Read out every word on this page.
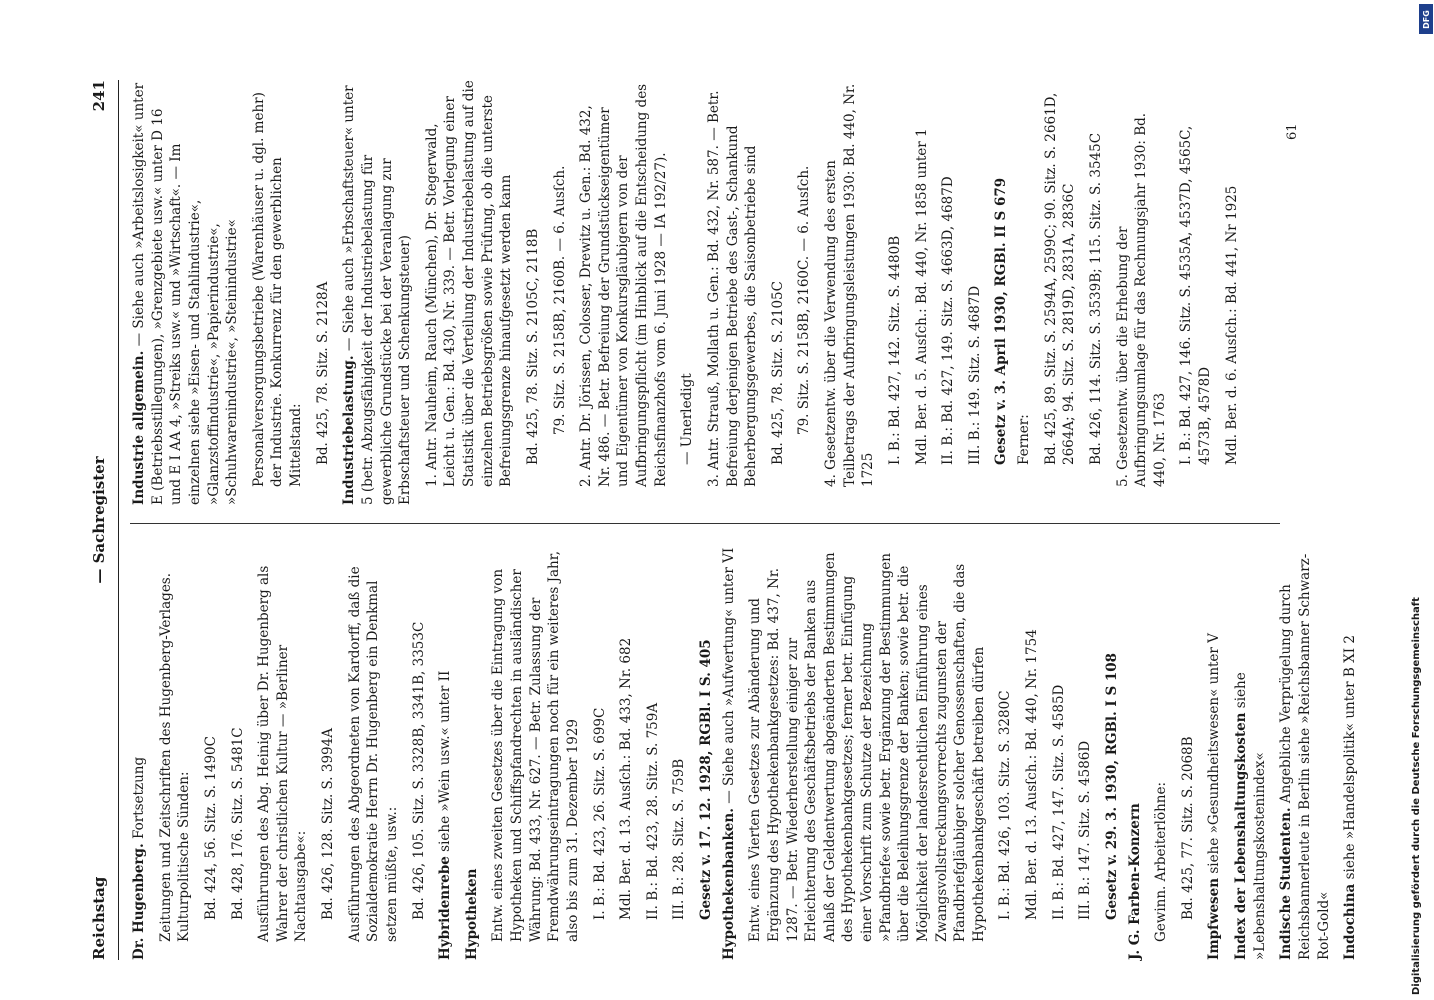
Reichstag
— Sachregister
241
Dr. Hugenberg. Fortsetzung Zeitungen und Zeitschriften des Hugenberg-Verlages. Kulturpolitische Sünden: Bd. 424, 56. Sitz. S. 1490C Bd. 428, 176. Sitz. S. 5481C Ausführungen des Abg. Heinig über Dr. Hugenberg als Wahrer der christlichen Kultur — »Berliner Nachtausgabe«: Bd. 426, 128. Sitz. S. 3994A Ausführungen des Abgeordneten von Kardorff, daß die Sozialdemokratie Herrn Dr. Hugenberg ein Denkmal setzen müßte, usw.: Bd. 426, 105. Sitz. S. 3328B, 3341B, 3353C Hybridenrebe siehe »Wein usw.« unter II
Hypotheken Entw. eines zweiten Gesetzes über die Eintragung von Hypotheken und Schiffspfandrechten in ausländischer Währung: Bd. 433, Nr. 627. — Betr. Zulassung der Fremdwährungseintragungen noch für ein weiteres Jahr, also bis zum 31. Dezember 1929 I. B.: Bd. 423, 26. Sitz. S. 699C Mdl. Ber. d. 13. Ausſch.: Bd. 433, Nr. 682 II. B.: Bd. 423, 28. Sitz. S. 759A III. B.: 28. Sitz. S. 759B Gesetz v. 17. 12. 1928, RGBl. I S. 405 Hypothekenbanken. — Siehe auch »Aufwertung« unter VI Entw. eines Vierten Gesetzes zur Abänderung und Ergänzung des Hypothekenbankgesetzes: Bd. 437, Nr. 1287. — Betr. Wiederherstellung einiger zur Erleichterung des Geschäftsbetriebs der Banken aus Anlaß der Geldentwertung abgeänderten Bestimmungen des Hypothekenbankgesetzes; ferner betr. Einfügung einer Vorschrift zum Schutze der Bezeichnung »Pfandbriefe« sowie betr. Ergänzung der Bestimmungen über die Beleihungsgrenze der Banken; sowie betr. die Möglichkeit der landesrechtlichen Einführung eines Zwangsvollstreckungsvorrechts zugunsten der Pfandbriefgläubiger solcher Genossenschaften, die das Hypothekenbankgeschäft betreiben dürfen I. B.: Bd. 426, 103. Sitz. S. 3280C Mdl. Ber. d. 13. Ausſch.: Bd. 440, Nr. 1754 II. B.: Bd. 427, 147. Sitz. S. 4585D III. B.: 147. Sitz. S. 4586D Gesetz v. 29. 3. 1930, RGBl. I S 108 J. G. Farben-Konzern Gewinn. Arbeiterlöhne: Bd. 425, 77. Sitz. S. 2068B Impfwesen siehe »Gesundheitswesen« unter V Index der Lebenshaltungskosten siehe »Lebenshaltungskostenindex« Indische Studenten. Angebliche Verprügelung durch Reichsbannerleute in Berlin siehe »Reichsbanner Schwarz-Rot-Gold« Indochina siehe »Handelspolitik« unter B XI 2
Industrie allgemein. — Siehe auch »Arbeitslosigkeit« unter E (Betriebsstillegungen), »Grenzgebiete usw.« unter D 16 und E I AA 4, »Streiks usw.« und »Wirtschaft«. — Im einzelnen siehe »Eisen- und Stahlindustrie«, »Glanzstoffindustrie«, »Papierindustrie«, »Schuhwarenindustrie«, »Steinindustrie« Personalversorgungsbetriebe (Warenhäuser u. dgl. mehr) der Industrie. Konkurrenz für den gewerblichen Mittelstand: Bd. 425, 78. Sitz. S. 2128A Industriebelastung. — Siehe auch »Erbschaftsteuer« unter 5 (betr. Abzugsfähigkeit der Industriebelastung für gewerbliche Grundstücke bei der Veranlagung zur Erbschaftsteuer und Schenkungsteuer) 1. Antr. Nauheim, Rauch (München), Dr. Stegerwald, Leicht u. Gen.: Bd. 430, Nr. 339. — Betr. Vorlegung einer Statistik über die Verteilung der Industriebelastung auf die einzelnen Betriebsgrößen sowie Prüfung, ob die unterste Befreiungsgrenze hinaufgesetzt werden kann Bd. 425, 78. Sitz. S. 2105C, 2118B 79. Sitz. S. 2158B, 2160B. — 6. Ausſch. 2. Antr. Dr. Jörissen, Colosser, Drewitz u. Gen.: Bd. 432, Nr. 486. — Betr. Befreiung der Grundstückseigentümer und Eigentümer von Konkursgläubigern von der Aufbringungspflicht (im Hinblick auf die Entscheidung des Reichsfinanzhofs vom 6. Juni 1928 — IA 192/27). — Unerledigt 3. Antr. Strauß, Mollath u. Gen.: Bd. 432, Nr. 587. — Betr. Befreiung derjenigen Betriebe des Gast-, Schankund Beherbergungsgewerbes, die Saisonbetriebe sind Bd. 425, 78. Sitz. S. 2105C 79. Sitz. S. 2158B, 2160C. — 6. Ausſch. 4. Gesetzentw. über die Verwendung des ersten Teilbetrags der Aufbringungsleistungen 1930: Bd. 440, Nr. 1725
I. B.: Bd. 427, 142. Sitz. S. 4480B Mdl. Ber. d. 5. Ausſch.: Bd. 440, Nr. 1858 unter 1 II. B.: Bd. 427, 149. Sitz. S. 4663D, 4687D III. B.: 149. Sitz. S. 4687D Gesetz v. 3. April 1930, RGBl. II S 679 Ferner: Bd. 425, 89. Sitz. S. 2594A, 2599C; 90. Sitz. S. 2661D, 2664A; 94. Sitz. S. 2819D, 2831A, 2836C Bd. 426, 114. Sitz. S. 3539B; 115. Sitz. S. 3545C 5. Gesetzentw. über die Erhebung der Aufbringungsumlage für das Rechnungsjahr 1930: Bd. 440, Nr. 1763 I. B.: Bd. 427, 146. Sitz. S. 4535A, 4537D, 4565C, 4573B, 4578D Mdl. Ber. d. 6. Ausſch.: Bd. 441, Nr 1925
61
Digitalisierung gefördert durch die Deutsche Forschungsgemeinschaft
DFG
